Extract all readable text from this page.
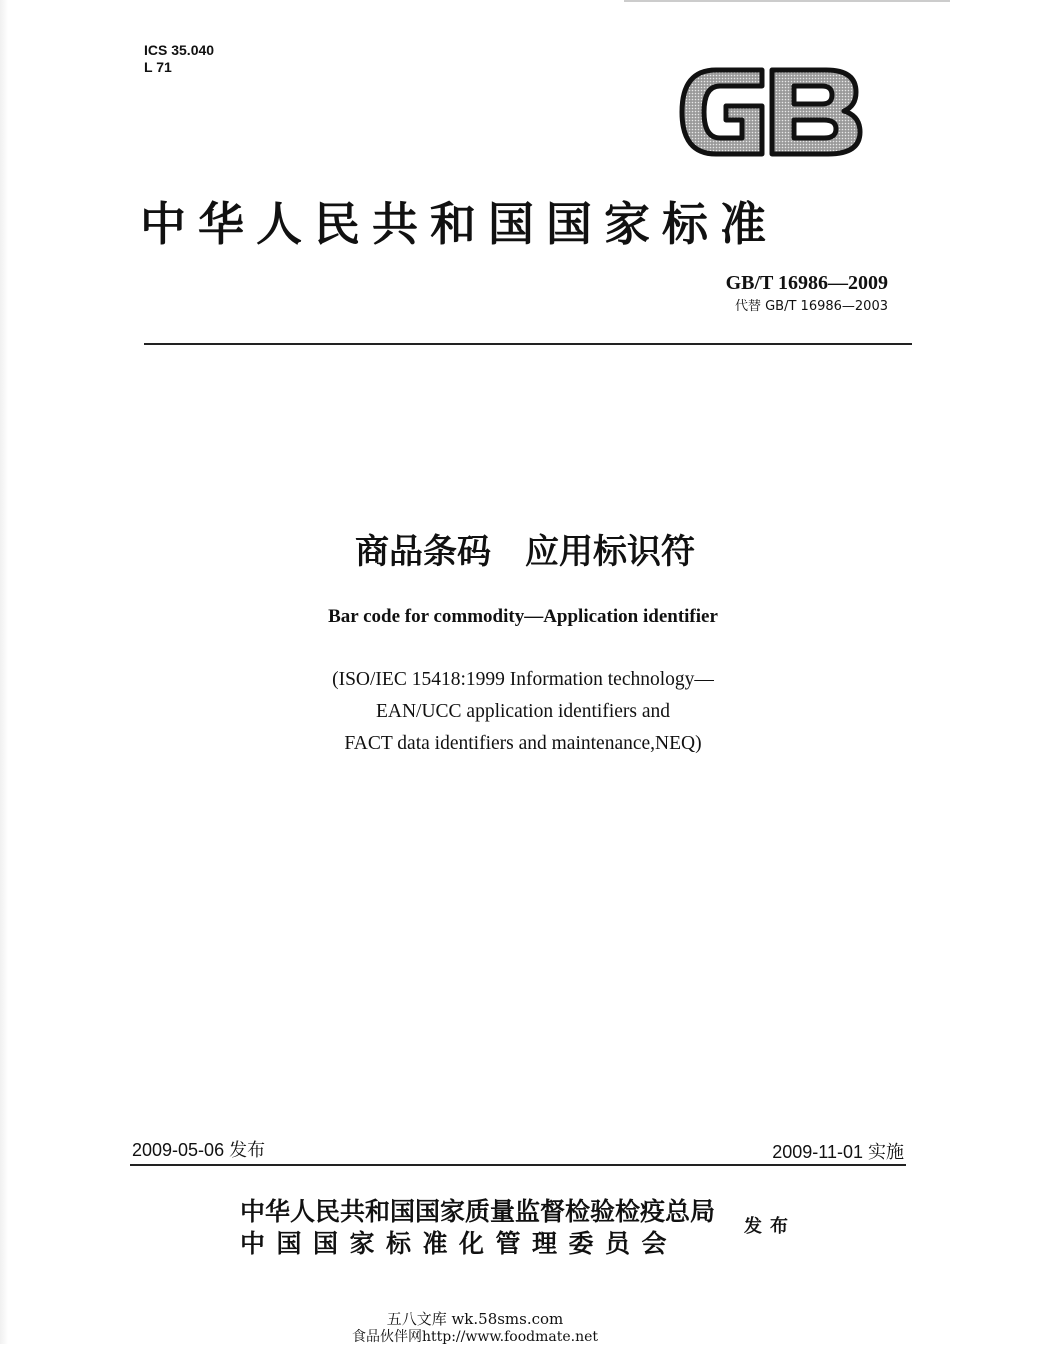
ICS 35.040
L 71
GB
中华人民共和国国家标准
GB/T 16986—2009
代替 GB/T 16986—2003
商品条码　应用标识符
Bar code for commodity—Application identifier
(ISO/IEC 15418:1999 Information technology—
EAN/UCC application identifiers and
FACT data identifiers and maintenance,NEQ)
2009-05-06 发布	2009-11-01 实施
中华人民共和国国家质量监督检验检疫总局
中国国家标准化管理委员会
发布
五八文库 wk.58sms.com
食品伙伴网http://www.foodmate.net
